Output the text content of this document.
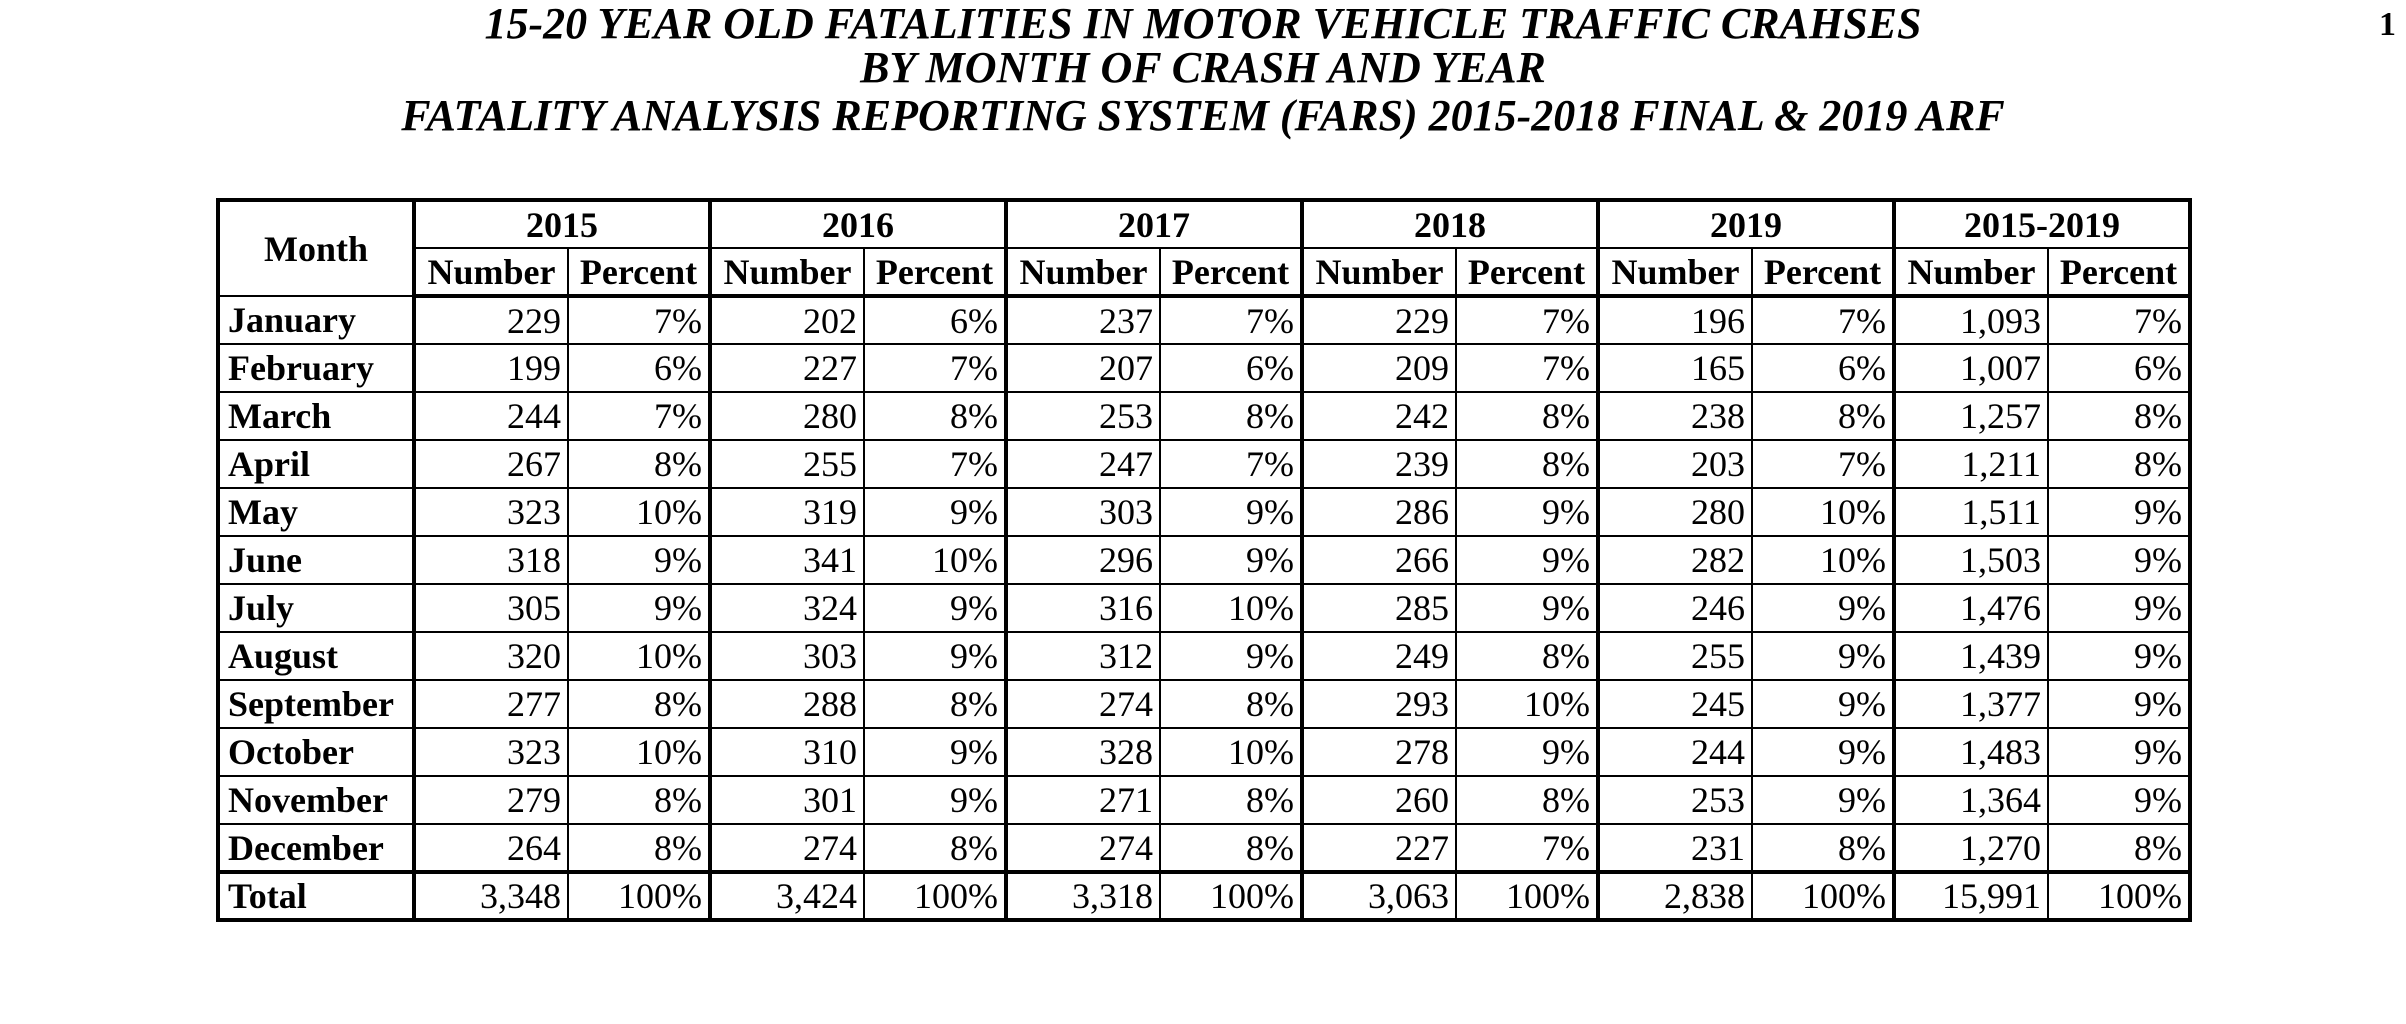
1
15-20 YEAR OLD FATALITIES IN MOTOR VEHICLE TRAFFIC CRAHSES
BY MONTH OF CRASH AND YEAR
FATALITY ANALYSIS REPORTING SYSTEM (FARS) 2015-2018 FINAL & 2019 ARF
Month	2015		2016		2017		2018		2019		2015-2019	
	Number	Percent	Number	Percent	Number	Percent	Number	Percent	Number	Percent	Number	Percent
January	229	7%	202	6%	237	7%	229	7%	196	7%	1,093	7%
February	199	6%	227	7%	207	6%	209	7%	165	6%	1,007	6%
March	244	7%	280	8%	253	8%	242	8%	238	8%	1,257	8%
April	267	8%	255	7%	247	7%	239	8%	203	7%	1,211	8%
May	323	10%	319	9%	303	9%	286	9%	280	10%	1,511	9%
June	318	9%	341	10%	296	9%	266	9%	282	10%	1,503	9%
July	305	9%	324	9%	316	10%	285	9%	246	9%	1,476	9%
August	320	10%	303	9%	312	9%	249	8%	255	9%	1,439	9%
September	277	8%	288	8%	274	8%	293	10%	245	9%	1,377	9%
October	323	10%	310	9%	328	10%	278	9%	244	9%	1,483	9%
November	279	8%	301	9%	271	8%	260	8%	253	9%	1,364	9%
December	264	8%	274	8%	274	8%	227	7%	231	8%	1,270	8%
Total	3,348	100%	3,424	100%	3,318	100%	3,063	100%	2,838	100%	15,991	100%
